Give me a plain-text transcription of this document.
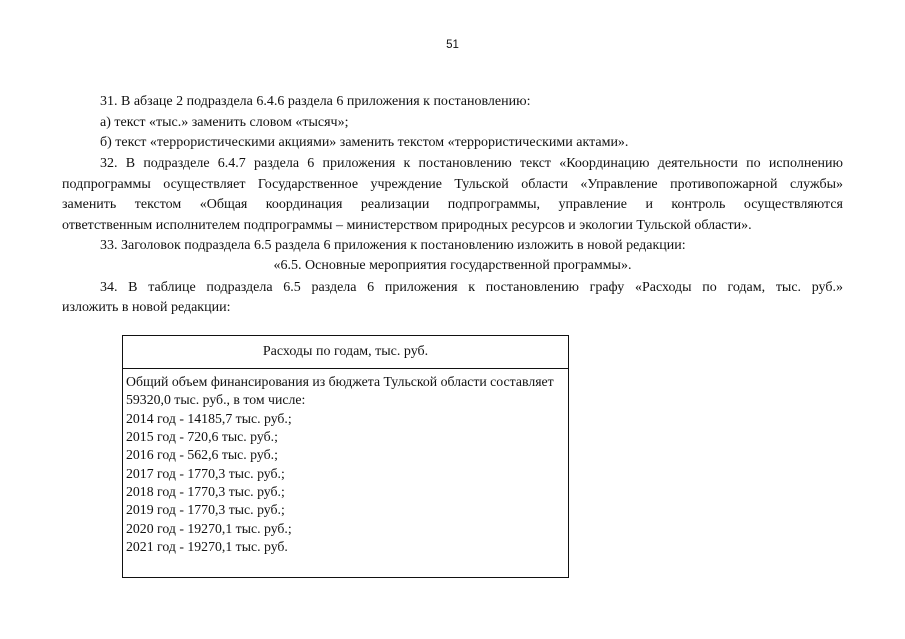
51
31. В абзаце 2 подраздела 6.4.6 раздела 6 приложения к постановлению:
а) текст «тыс.» заменить словом «тысяч»;
б) текст «террористическими акциями» заменить текстом «террористическими актами».
32. В подразделе 6.4.7 раздела 6 приложения к постановлению текст «Координацию деятельности по исполнению
подпрограммы осуществляет Государственное учреждение Тульской области «Управление противопожарной службы»
заменить текстом «Общая координация реализации подпрограммы, управление и контроль осуществляются
ответственным исполнителем подпрограммы – министерством природных ресурсов и экологии Тульской области».
33. Заголовок подраздела 6.5 раздела 6 приложения к постановлению изложить в новой редакции:
«6.5. Основные мероприятия государственной программы».
34. В таблице подраздела 6.5 раздела 6 приложения к постановлению графу «Расходы по годам, тыс. руб.»
изложить в новой редакции:
Расходы по годам, тыс. руб.
Общий объем финансирования из бюджета Тульской области составляет
59320,0 тыс. руб., в том числе:
2014 год - 14185,7 тыс. руб.;
2015 год - 720,6 тыс. руб.;
2016 год - 562,6 тыс. руб.;
2017 год - 1770,3 тыс. руб.;
2018 год - 1770,3 тыс. руб.;
2019 год - 1770,3 тыс. руб.;
2020 год - 19270,1 тыс. руб.;
2021 год - 19270,1 тыс. руб.
